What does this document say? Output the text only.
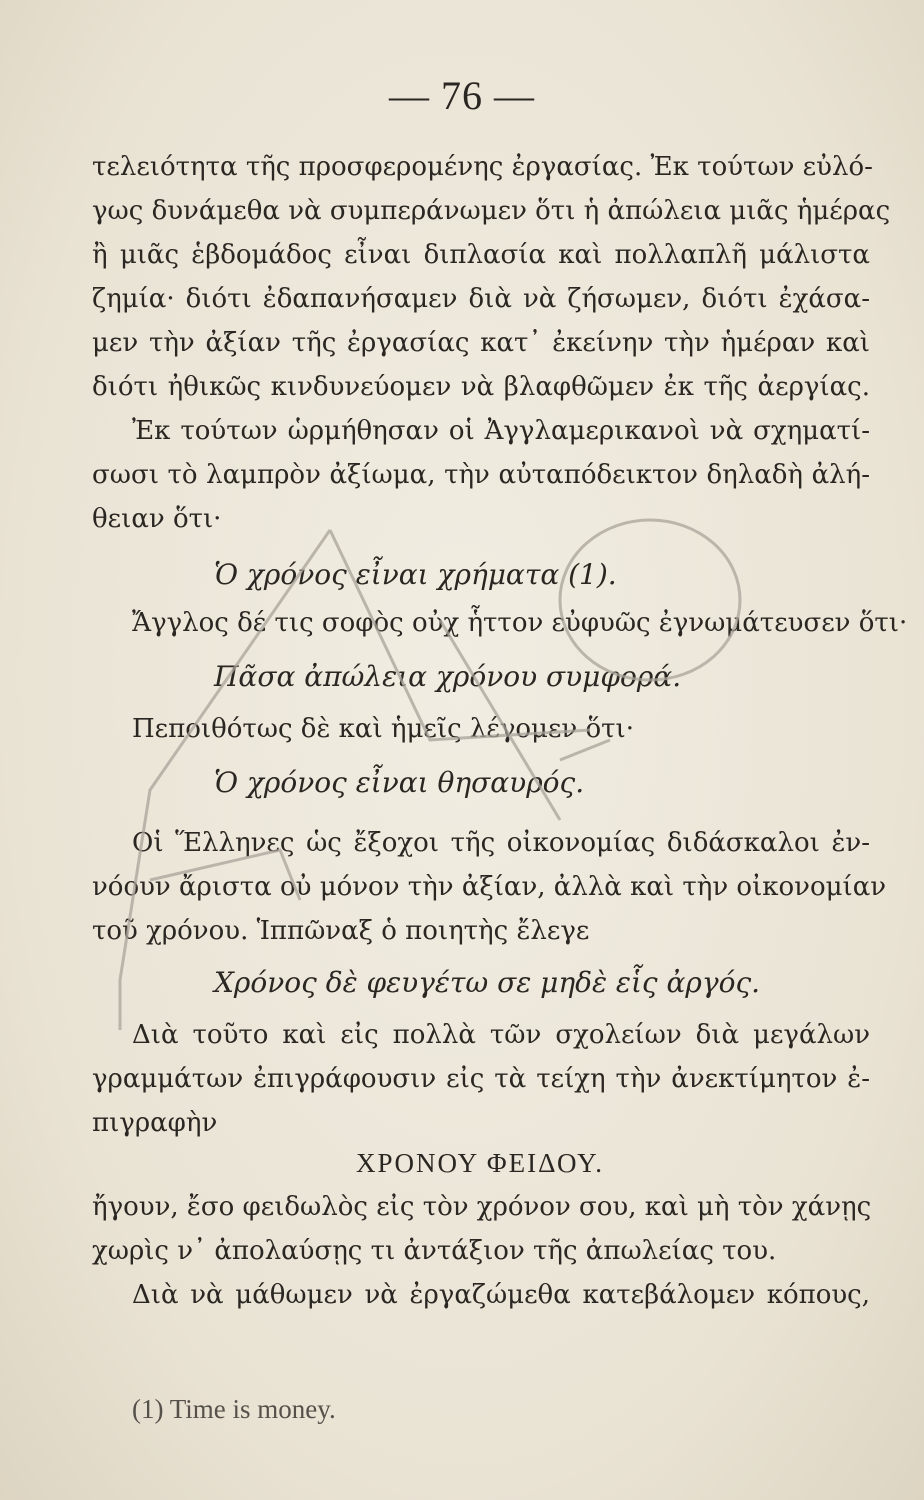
— 76 —
τελειότητα τῆς προσφερομένης ἐργασίας. Ἐκ τούτων εὐλό-
γως δυνάμεθα νὰ συμπεράνωμεν ὅτι ἡ ἀπώλεια μιᾶς ἡμέρας
ἢ μιᾶς ἑβδομάδος εἶναι διπλασία καὶ πολλαπλῆ μάλιστα
ζημία· διότι ἐδαπανήσαμεν διὰ νὰ ζήσωμεν, διότι ἐχάσα-
μεν τὴν ἀξίαν τῆς ἐργασίας κατ᾽ ἐκείνην τὴν ἡμέραν καὶ
διότι ἠθικῶς κινδυνεύομεν νὰ βλαφθῶμεν ἐκ τῆς ἀεργίας.
Ἐκ τούτων ὡρμήθησαν οἱ Ἀγγλαμερικανοὶ νὰ σχηματί-
σωσι τὸ λαμπρὸν ἀξίωμα, τὴν αὐταπόδεικτον δηλαδὴ ἀλή-
θειαν ὅτι·
Ὁ χρόνος εἶναι χρήματα (1).
Ἄγγλος δέ τις σοφὸς οὐχ ἧττον εὐφυῶς ἐγνωμάτευσεν ὅτι·
Πᾶσα ἀπώλεια χρόνου συμφορά.
Πεποιθότως δὲ καὶ ἡμεῖς λέγομεν ὅτι·
Ὁ χρόνος εἶναι θησαυρός.
Οἱ Ἕλληνες ὡς ἔξοχοι τῆς οἰκονομίας διδάσκαλοι ἐν-
νόουν ἄριστα οὐ μόνον τὴν ἀξίαν, ἀλλὰ καὶ τὴν οἰκονομίαν
τοῦ χρόνου. Ἱππῶναξ ὁ ποιητὴς ἔλεγε
Χρόνος δὲ φευγέτω σε μηδὲ εἷς ἀργός.
Διὰ τοῦτο καὶ εἰς πολλὰ τῶν σχολείων διὰ μεγάλων
γραμμάτων ἐπιγράφουσιν εἰς τὰ τείχη τὴν ἀνεκτίμητον ἐ-
πιγραφὴν
ΧΡΟΝΟΥ ΦΕΙΔΟΥ.
ἤγουν, ἔσο φειδωλὸς εἰς τὸν χρόνον σου, καὶ μὴ τὸν χάνῃς
χωρὶς ν᾽ ἀπολαύσῃς τι ἀντάξιον τῆς ἀπωλείας του.
Διὰ νὰ μάθωμεν νὰ ἐργαζώμεθα κατεβάλομεν κόπους,
(1) Time is money.
